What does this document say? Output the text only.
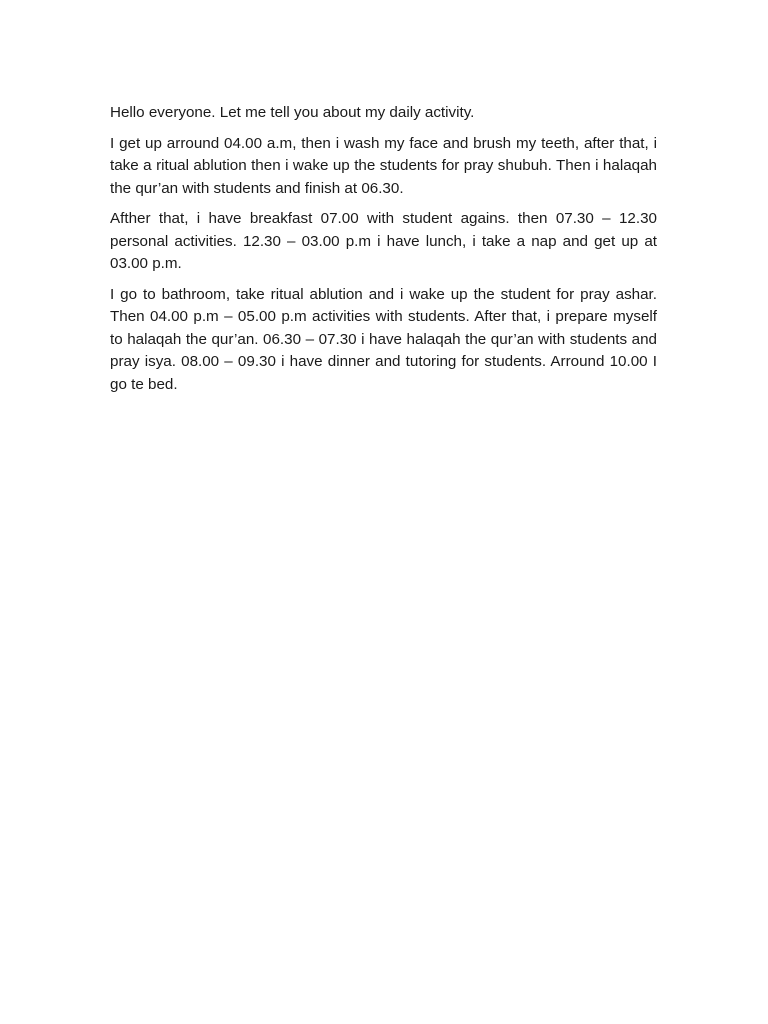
Hello everyone. Let me tell you about my daily activity.

I get up arround 04.00 a.m, then i wash my face and brush my teeth, after that, i take a ritual ablution then i wake up the students for pray shubuh. Then i halaqah the qur’an with students and finish at 06.30.

Afther that, i have breakfast 07.00 with student agains. then 07.30 – 12.30 personal activities. 12.30 – 03.00 p.m i have lunch, i take a nap and get up at 03.00 p.m.

I go to bathroom, take ritual ablution and i wake up the student for pray ashar. Then 04.00 p.m – 05.00 p.m activities with students. After that, i prepare myself to halaqah the qur’an. 06.30 – 07.30 i have halaqah the qur’an with students and pray isya. 08.00 – 09.30 i have dinner and tutoring for students. Arround 10.00 I go te bed.
